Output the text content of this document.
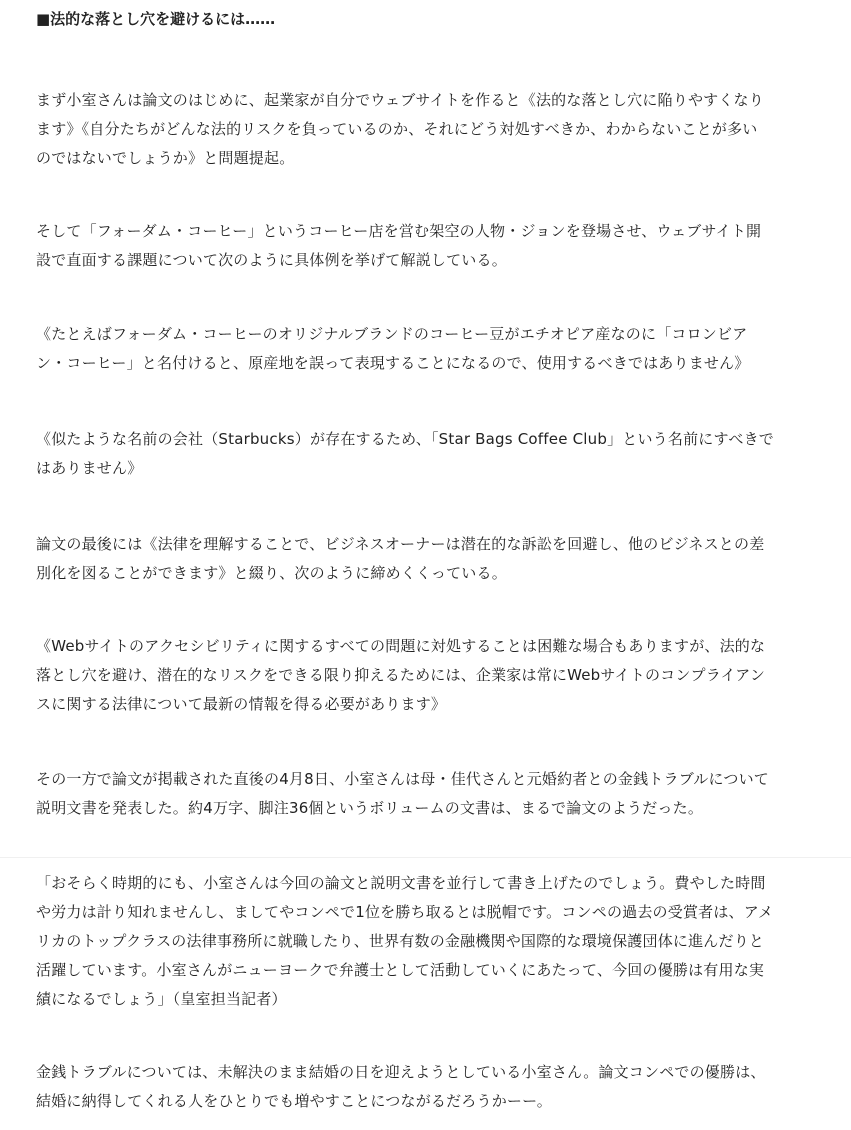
■法的な落とし穴を避けるには……

まず小室さんは論文のはじめに、起業家が自分でウェブサイトを作ると《法的な落とし穴に陥りやすくなり
ます》《自分たちがどんな法的リスクを負っているのか、それにどう対処すべきか、わからないことが多い
のではないでしょうか》と問題提起。

そして「フォーダム・コーヒー」というコーヒー店を営む架空の人物・ジョンを登場させ、ウェブサイト開
設で直面する課題について次のように具体例を挙げて解説している。

《たとえばフォーダム・コーヒーのオリジナルブランドのコーヒー豆がエチオピア産なのに「コロンビア
ン・コーヒー」と名付けると、原産地を誤って表現することになるので、使用するべきではありません》

《似たような名前の会社（Starbucks）が存在するため、「Star Bags Coffee Club」という名前にすべきで
はありません》

論文の最後には《法律を理解することで、ビジネスオーナーは潜在的な訴訟を回避し、他のビジネスとの差
別化を図ることができます》と綴り、次のように締めくくっている。

《Webサイトのアクセシビリティに関するすべての問題に対処することは困難な場合もありますが、法的な
落とし穴を避け、潜在的なリスクをできる限り抑えるためには、企業家は常にWebサイトのコンプライアン
スに関する法律について最新の情報を得る必要があります》

その一方で論文が掲載された直後の4月8日、小室さんは母・佳代さんと元婚約者との金銭トラブルについて
説明文書を発表した。約4万字、脚注36個というボリュームの文書は、まるで論文のようだった。

「おそらく時期的にも、小室さんは今回の論文と説明文書を並行して書き上げたのでしょう。費やした時間
や労力は計り知れませんし、ましてやコンペで1位を勝ち取るとは脱帽です。コンペの過去の受賞者は、アメ
リカのトップクラスの法律事務所に就職したり、世界有数の金融機関や国際的な環境保護団体に進んだりと
活躍しています。小室さんがニューヨークで弁護士として活動していくにあたって、今回の優勝は有用な実
績になるでしょう」（皇室担当記者）

金銭トラブルについては、未解決のまま結婚の日を迎えようとしている小室さん。論文コンペでの優勝は、
結婚に納得してくれる人をひとりでも増やすことにつながるだろうかーー。
